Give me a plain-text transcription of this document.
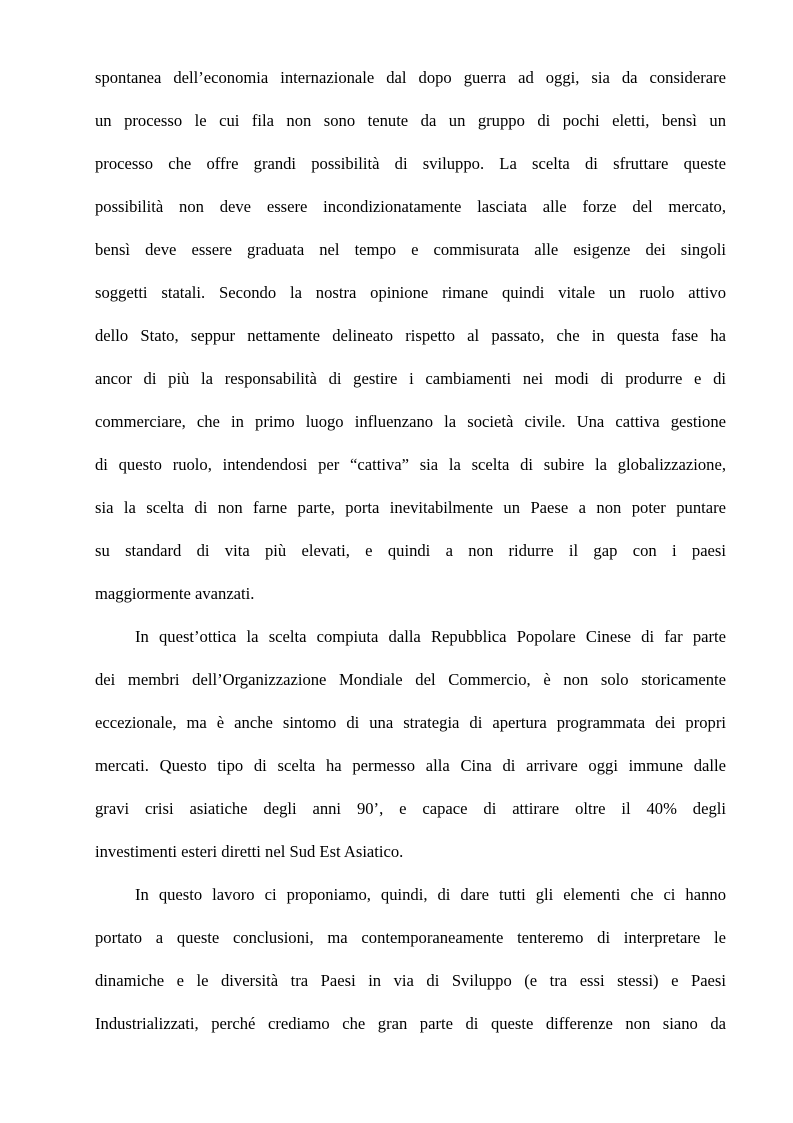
spontanea dell’economia internazionale dal dopo guerra ad oggi, sia da considerare
un processo le cui fila non sono tenute da un gruppo di pochi eletti, bensì un
processo che offre grandi possibilità di sviluppo. La scelta di sfruttare queste
possibilità non deve essere incondizionatamente lasciata alle forze del mercato,
bensì deve essere graduata nel tempo e commisurata alle esigenze dei singoli
soggetti statali. Secondo la nostra opinione rimane quindi vitale un ruolo attivo
dello Stato, seppur nettamente delineato rispetto al passato, che in questa fase ha
ancor di più la responsabilità di gestire i cambiamenti nei modi di produrre e di
commerciare, che in primo luogo influenzano la società civile. Una cattiva gestione
di questo ruolo, intendendosi per “cattiva” sia la scelta di subire la globalizzazione,
sia la scelta di non farne parte, porta inevitabilmente un Paese a non poter puntare
su standard di vita più elevati, e quindi a non ridurre il gap con i paesi
maggiormente avanzati.
In quest’ottica la scelta compiuta dalla Repubblica Popolare Cinese di far parte
dei membri dell’Organizzazione Mondiale del Commercio, è non solo storicamente
eccezionale, ma è anche sintomo di una strategia di apertura programmata dei propri
mercati. Questo tipo di scelta ha permesso alla Cina di arrivare oggi immune dalle
gravi crisi asiatiche degli anni 90’, e capace di attirare oltre il 40% degli
investimenti esteri diretti nel Sud Est Asiatico.
In questo lavoro ci proponiamo, quindi, di dare tutti gli elementi che ci hanno
portato a queste conclusioni, ma contemporaneamente tenteremo di interpretare le
dinamiche e le diversità tra Paesi in via di Sviluppo (e tra essi stessi) e Paesi
Industrializzati, perché crediamo che gran parte di queste differenze non siano da
